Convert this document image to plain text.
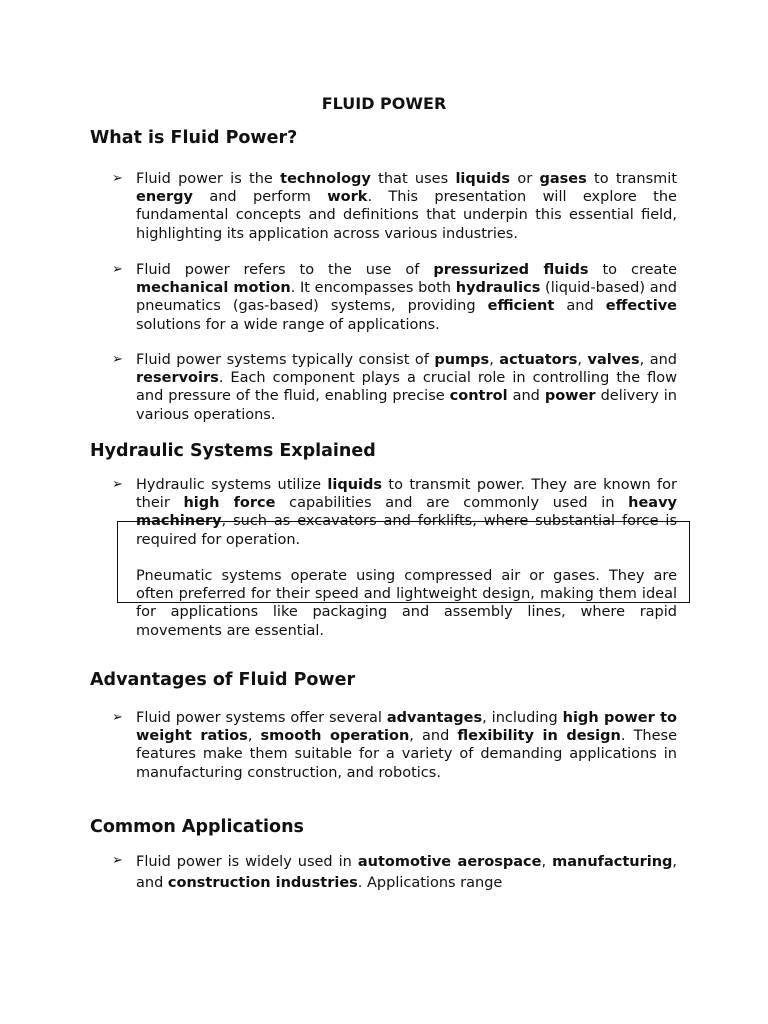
FLUID POWER
What is Fluid Power?
➢ Fluid power is the technology that uses liquids or gases to transmit energy and perform work. This presentation will explore the fundamental concepts and definitions that underpin this essential field, highlighting its application across various industries.
➢ Fluid power refers to the use of pressurized fluids to create mechanical motion. It encompasses both hydraulics (liquid-based) and pneumatics (gas-based) systems, providing efficient and effective solutions for a wide range of applications.
➢ Fluid power systems typically consist of pumps, actuators, valves, and reservoirs. Each component plays a crucial role in controlling the flow and pressure of the fluid, enabling precise control and power delivery in various operations.
Hydraulic Systems Explained
➢ Hydraulic systems utilize liquids to transmit power. They are known for their high force capabilities and are commonly used in heavy machinery, such as excavators and forklifts, where substantial force is required for operation.
Pneumatic systems operate using compressed air or gases. They are often preferred for their speed and lightweight design, making them ideal for applications like packaging and assembly lines, where rapid movements are essential.
Advantages of Fluid Power
➢ Fluid power systems offer several advantages, including high power to weight ratios, smooth operation, and flexibility in design. These features make them suitable for a variety of demanding applications in manufacturing construction, and robotics.
Common Applications
➢ Fluid power is widely used in automotive aerospace, manufacturing, and construction industries. Applications range
